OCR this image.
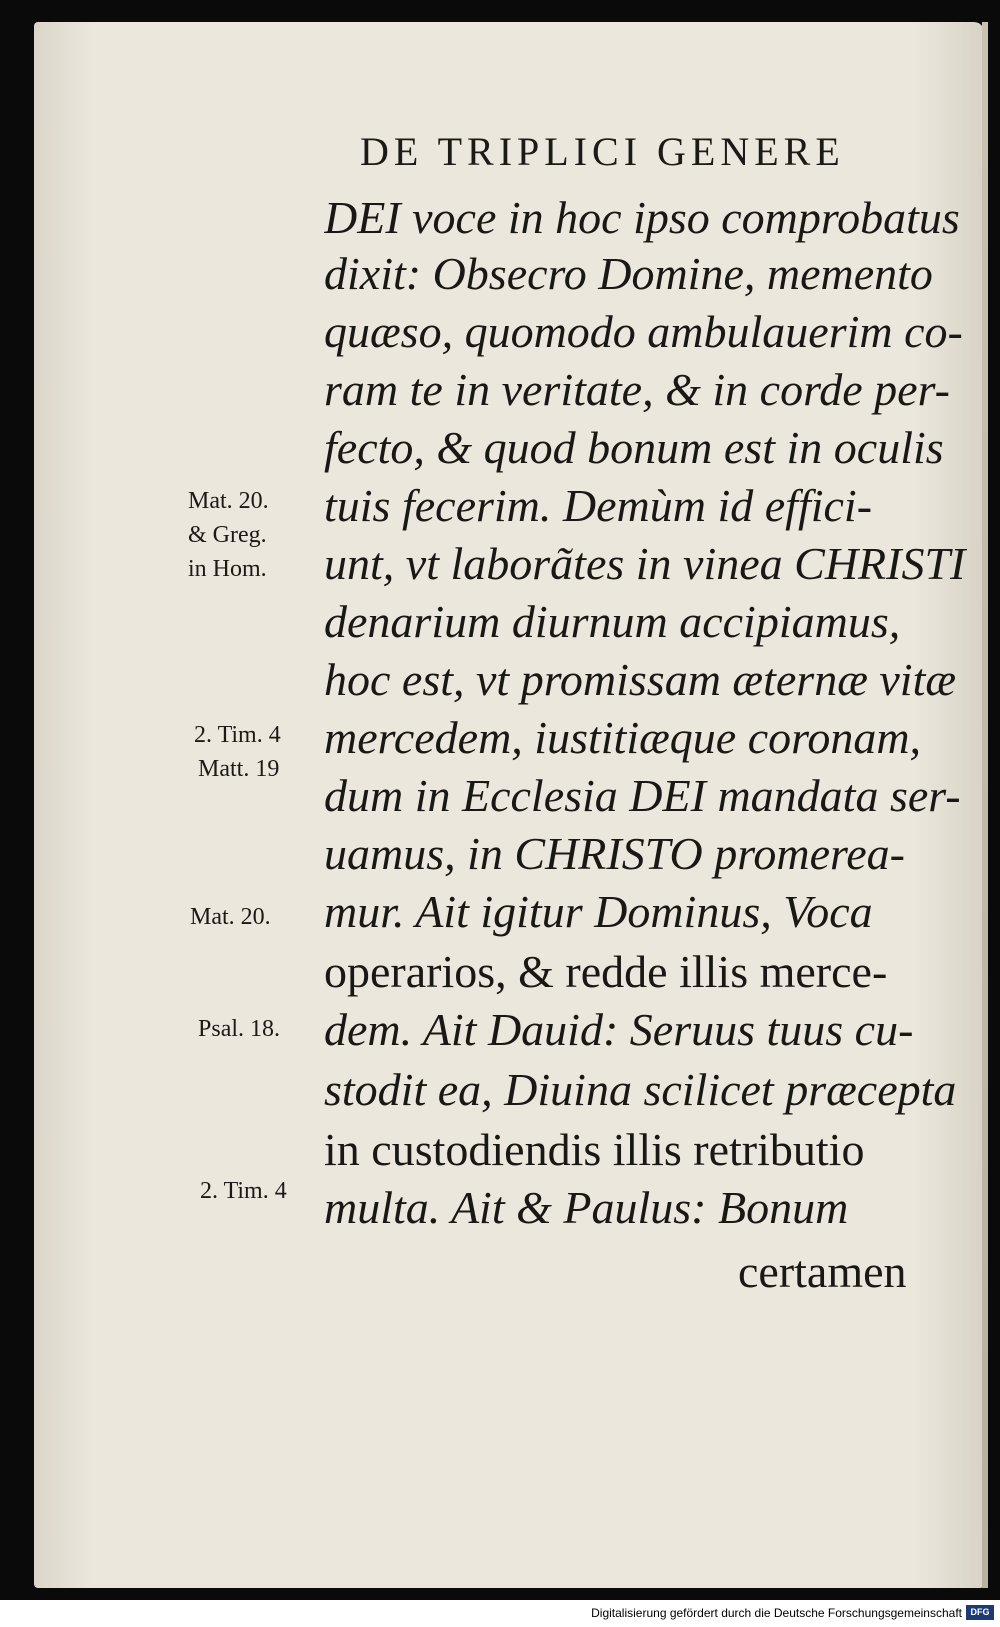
DE TRIPLICI GENERE
DEI voce in hoc ipso comprobatus
dixit: Obsecro Domine, memento
quæso, quomodo ambulauerim co-
ram te in veritate, & in corde per-
fecto, & quod bonum est in oculis
tuis fecerim. Demùm id effici-
unt, vt laborãtes in vinea CHRISTI
denarium diurnum accipiamus,
hoc est, vt promissam æternæ vitæ
mercedem, iustitiæque coronam,
dum in Ecclesia DEI mandata ser-
uamus, in CHRISTO promerea-
mur. Ait igitur Dominus, Voca
operarios, & redde illis merce-
dem. Ait Dauid: Seruus tuus cu-
stodit ea, Diuina scilicet præcepta
in custodiendis illis retributio
multa. Ait & Paulus: Bonum
certamen
Mat. 20.
& Greg.
in Hom.
2. Tim. 4
Matt. 19
Mat. 20.
Psal. 18.
2. Tim. 4
Digitalisierung gefördert durch die Deutsche Forschungsgemeinschaft DFG
